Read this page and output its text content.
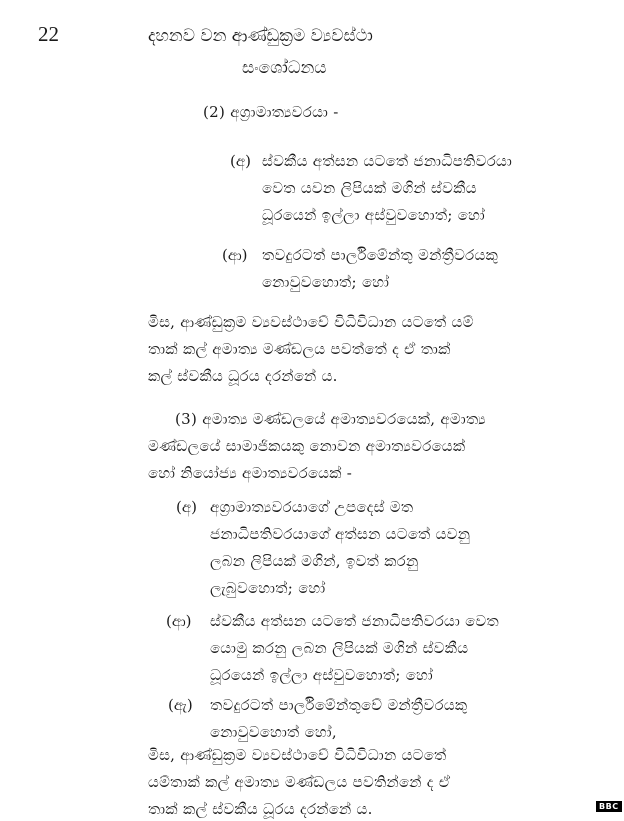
22	දහනව වන ආණ්ඩුක්‍රම ව්‍යවස්ථා
සංශෝධනය
(2) අග්‍රාමාත්‍යවරයා -
(අ) ස්වකීය අත්සන යටතේ ජනාධිපතිවරයා
වෙත යවන ලිපියක් මගින් ස්වකීය
ධූරයෙන් ඉල්ලා අස්වුවහොත්; හෝ
(ආ) තවදුරටත් පාර්ලිමේන්තු මන්ත්‍රීවරයකු
නොවුවහොත්; හෝ
මිස, ආණ්ඩුක්‍රම ව්‍යවස්ථාවේ විධිවිධාන යටතේ යම්
තාක් කල් අමාත්‍ය මණ්ඩලය පවත්තේ ද ඒ තාක්
කල් ස්වකීය ධූරය දරන්නේ ය.
(3) අමාත්‍ය මණ්ඩලයේ අමාත්‍යවරයෙක්, අමාත්‍ය
මණ්ඩලයේ සාමාජිකයකු නොවන අමාත්‍යවරයෙක්
හෝ නියෝජ්‍ය අමාත්‍යවරයෙක් -
(අ) අග්‍රාමාත්‍යවරයාගේ උපදෙස් මත
ජනාධිපතිවරයාගේ අත්සන යටතේ යවනු
ලබන ලිපියක් මගින්, ඉවත් කරනු
ලැබුවහොත්; හෝ
(ආ) ස්වකීය අත්සන යටතේ ජනාධිපතිවරයා වෙත
යොමු කරනු ලබන ලිපියක් මගින් ස්වකීය
ධූරයෙන් ඉල්ලා අස්වුවහොත්; හෝ
(ඇ) තවදුරටත් පාර්ලිමේන්තුවේ මන්ත්‍රීවරයකු
නොවුවහොත් හෝ,
මිස, ආණ්ඩුක්‍රම ව්‍යවස්ථාවේ විධිවිධාන යටතේ
යම්තාක් කල් අමාත්‍ය මණ්ඩලය පවතින්නේ ද ඒ
තාක් කල් ස්වකීය ධූරය දරන්නේ ය.	BBC
